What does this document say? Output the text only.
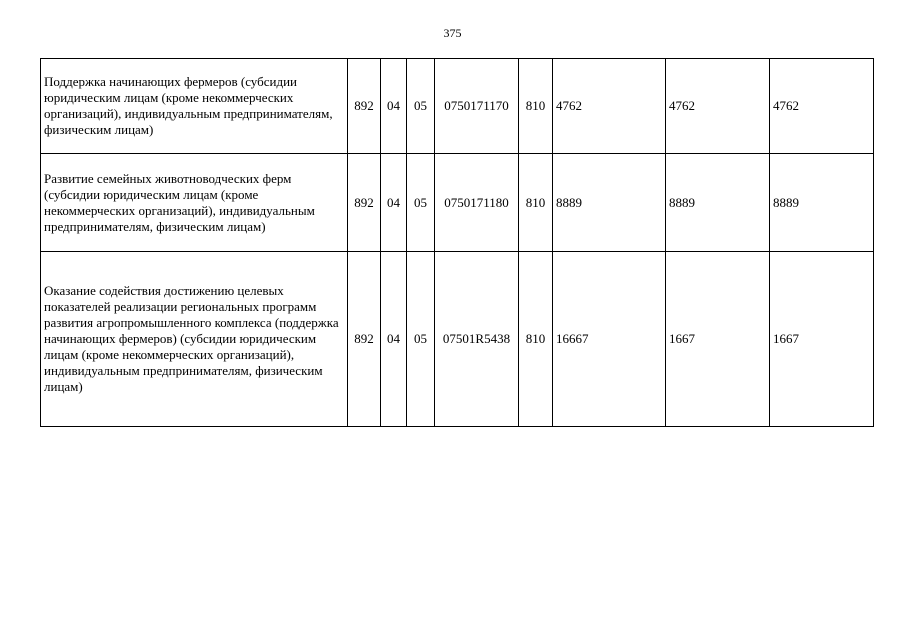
375
Поддержка начинающих фермеров (субсидии юридическим лицам (кроме некоммерческих организаций), индивидуальным предпринимателям, физическим лицам)	892	04	05	0750171170	810	4762	4762	4762
Развитие семейных животноводческих ферм (субсидии юридическим лицам (кроме некоммерческих организаций), индивидуальным предпринимателям, физическим лицам)	892	04	05	0750171180	810	8889	8889	8889
Оказание содействия достижению целевых показателей реализации региональных программ развития агропромышленного комплекса (поддержка начинающих фермеров) (субсидии юридическим лицам (кроме некоммерческих организаций), индивидуальным предпринимателям, физическим лицам)	892	04	05	07501R5438	810	16667	1667	1667
